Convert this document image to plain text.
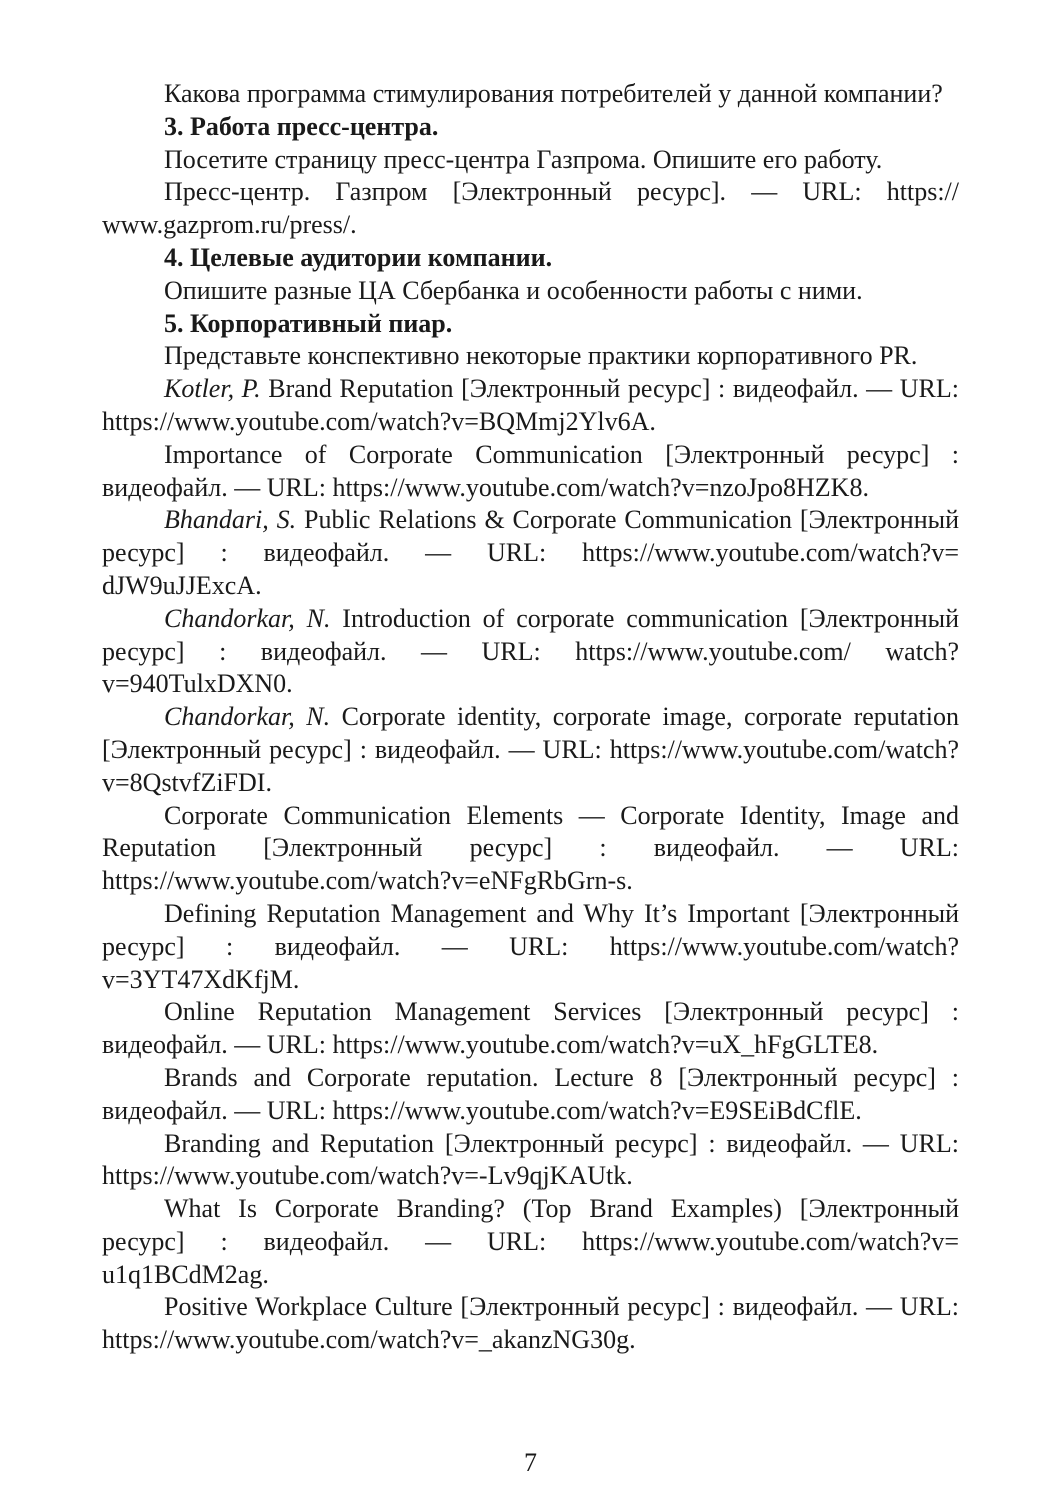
Какова программа стимулирования потребителей у данной компании?

3. Работа пресс-центра.

Посетите страницу пресс-центра Газпрома. Опишите его работу.

Пресс-центр. Газпром [Электронный ресурс]. — URL: https:// www.gazprom.ru/press/.

4. Целевые аудитории компании.

Опишите разные ЦА Сбербанка и особенности работы с ними.

5. Корпоративный пиар.

Представьте конспективно некоторые практики корпоративного PR.

Kotler, P. Brand Reputation [Электронный ресурс] : видеофайл. — URL: https://www.youtube.com/watch?v=BQMmj2Ylv6A.

Importance of Corporate Communication [Электронный ресурс] : видеофайл. — URL: https://www.youtube.com/watch?v=nzoJpo8HZK8.

Bhandari, S. Public Relations & Corporate Communication [Электронный ресурс] : видеофайл. — URL: https://www.youtube.com/watch?v= dJW9uJJExcA.

Chandorkar, N. Introduction of corporate communication [Электронный ресурс] : видеофайл. — URL: https://www.youtube.com/ watch?v=940TulxDXN0.

Chandorkar, N. Corporate identity, corporate image, corporate reputation [Электронный ресурс] : видеофайл. — URL: https://www.youtube.com/watch?v=8QstvfZiFDI.

Corporate Communication Elements — Corporate Identity, Image and Reputation [Электронный ресурс] : видеофайл. — URL: https://www.youtube.com/watch?v=eNFgRbGrn-s.

Defining Reputation Management and Why It’s Important [Электронный ресурс] : видеофайл. — URL: https://www.youtube.com/watch? v=3YT47XdKfjM.

Online Reputation Management Services [Электронный ресурс] : видеофайл. — URL: https://www.youtube.com/watch?v=uX_hFgGLTE8.

Brands and Corporate reputation. Lecture 8 [Электронный ресурс] : видеофайл. — URL: https://www.youtube.com/watch?v=E9SEiBdCflE.

Branding and Reputation [Электронный ресурс] : видеофайл. — URL: https://www.youtube.com/watch?v=-Lv9qjKAUtk.

What Is Corporate Branding? (Top Brand Examples) [Электронный ресурс] : видеофайл. — URL: https://www.youtube.com/watch?v= u1q1BCdM2ag.

Positive Workplace Culture [Электронный ресурс] : видеофайл. — URL: https://www.youtube.com/watch?v=_akanzNG30g.

7
